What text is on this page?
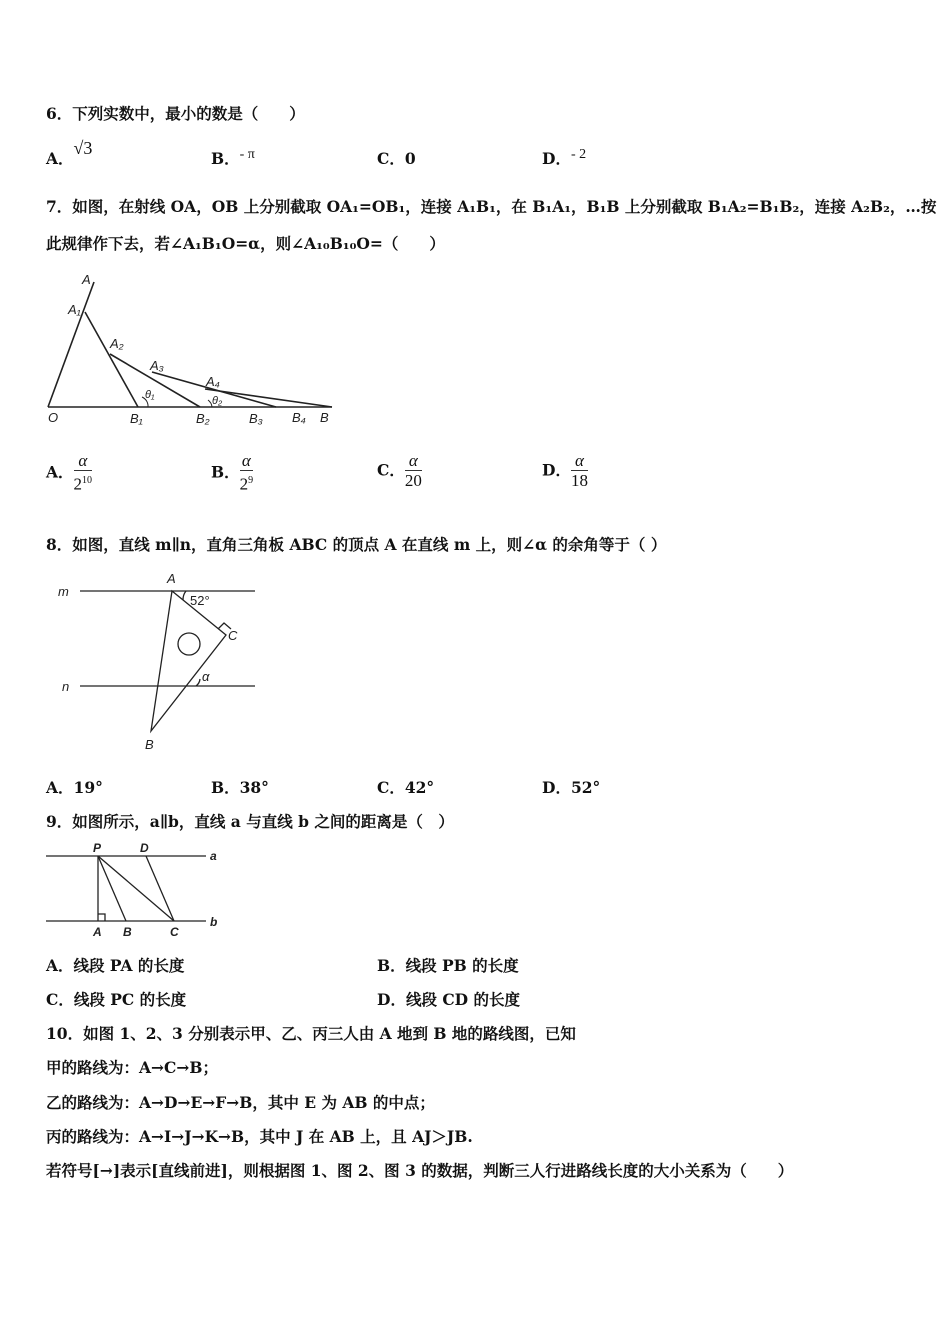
6．下列实数中，最小的数是（　　）
A．√3
B．- π	C．0	D．- 2
7．如图，在射线 OA，OB 上分别截取 OA₁=OB₁，连接 A₁B₁，在 B₁A₁，B₁B 上分别截取 B₁A₂=B₁B₂，连接 A₂B₂，…按
此规律作下去，若∠A₁B₁O=α，则∠A₁₀B₁₀O=（　　）
A
A₁
A₂
A₃
A₄
θ₁	θ₂
O	B₁	B₂	B₃ B₄ B
A． $\frac{\alpha}{2^{10}}$	B． $\frac{\alpha}{2^9}$	C． $\frac{\alpha}{20}$	D． $\frac{\alpha}{18}$
8．如图，直线 m∥n，直角三角板 ABC 的顶点 A 在直线 m 上，则∠α 的余角等于（ ）
m
n
A
B
C
52°
α
A．19°	B．38°	C．42°	D．52°
9．如图所示，a∥b，直线 a 与直线 b 之间的距离是（　）
P	D
a
A B	C
b
A．线段 PA 的长度	B．线段 PB 的长度
C．线段 PC 的长度	D．线段 CD 的长度
10．如图 1、2、3 分别表示甲、乙、丙三人由 A 地到 B 地的路线图，已知
甲的路线为：A→C→B；
乙的路线为：A→D→E→F→B，其中 E 为 AB 的中点；
丙的路线为：A→I→J→K→B，其中 J 在 AB 上，且 AJ＞JB.
若符号[→]表示[直线前进]，则根据图 1、图 2、图 3 的数据，判断三人行进路线长度的大小关系为（　　）
